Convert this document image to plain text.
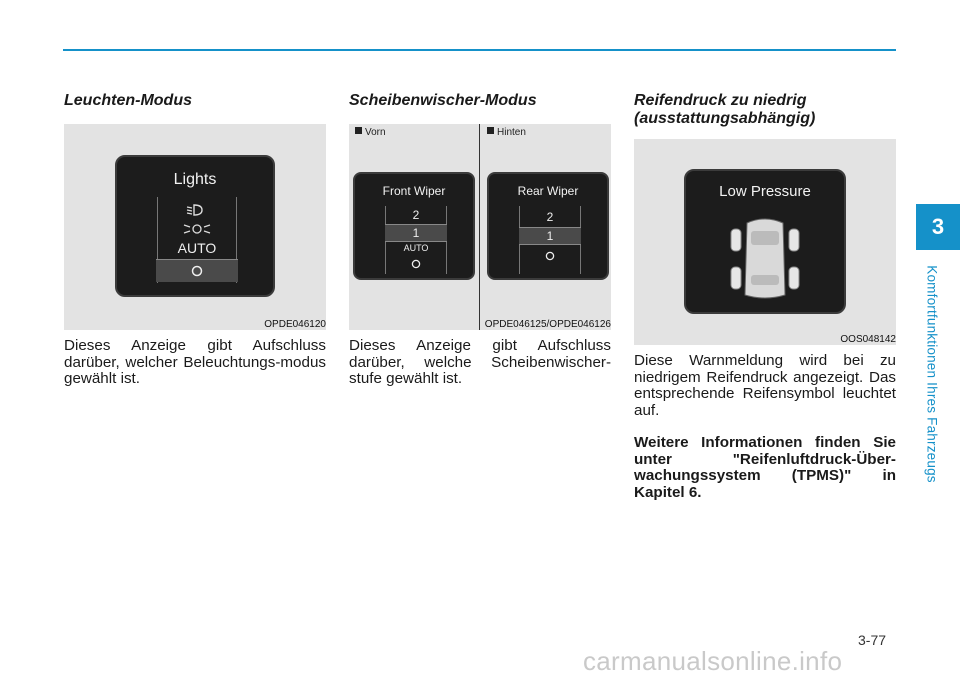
Leuchten-Modus
Lights
AUTO
OPDE046120

Dieses Anzeige gibt Aufschluss darüber, welcher Beleuchtungs-modus gewählt ist.

Scheibenwischer-Modus
Vorn	Hinten
Front Wiper
2
1
AUTO
Rear Wiper
2
1
OPDE046125/OPDE046126

Dieses Anzeige gibt Aufschluss darüber, welche Scheibenwischer-stufe gewählt ist.

Reifendruck zu niedrig
(ausstattungsabhängig)
Low Pressure
OOS048142

Diese Warnmeldung wird bei zu niedrigem Reifendruck angezeigt. Das entsprechende Reifensymbol leuchtet auf.

Weitere Informationen finden Sie unter "Reifenluftdruck-Über-wachungssystem (TPMS)" in Kapitel 6.

3
Komfortfunktionen Ihres Fahrzeugs
3-77
carmanualsonline.info
